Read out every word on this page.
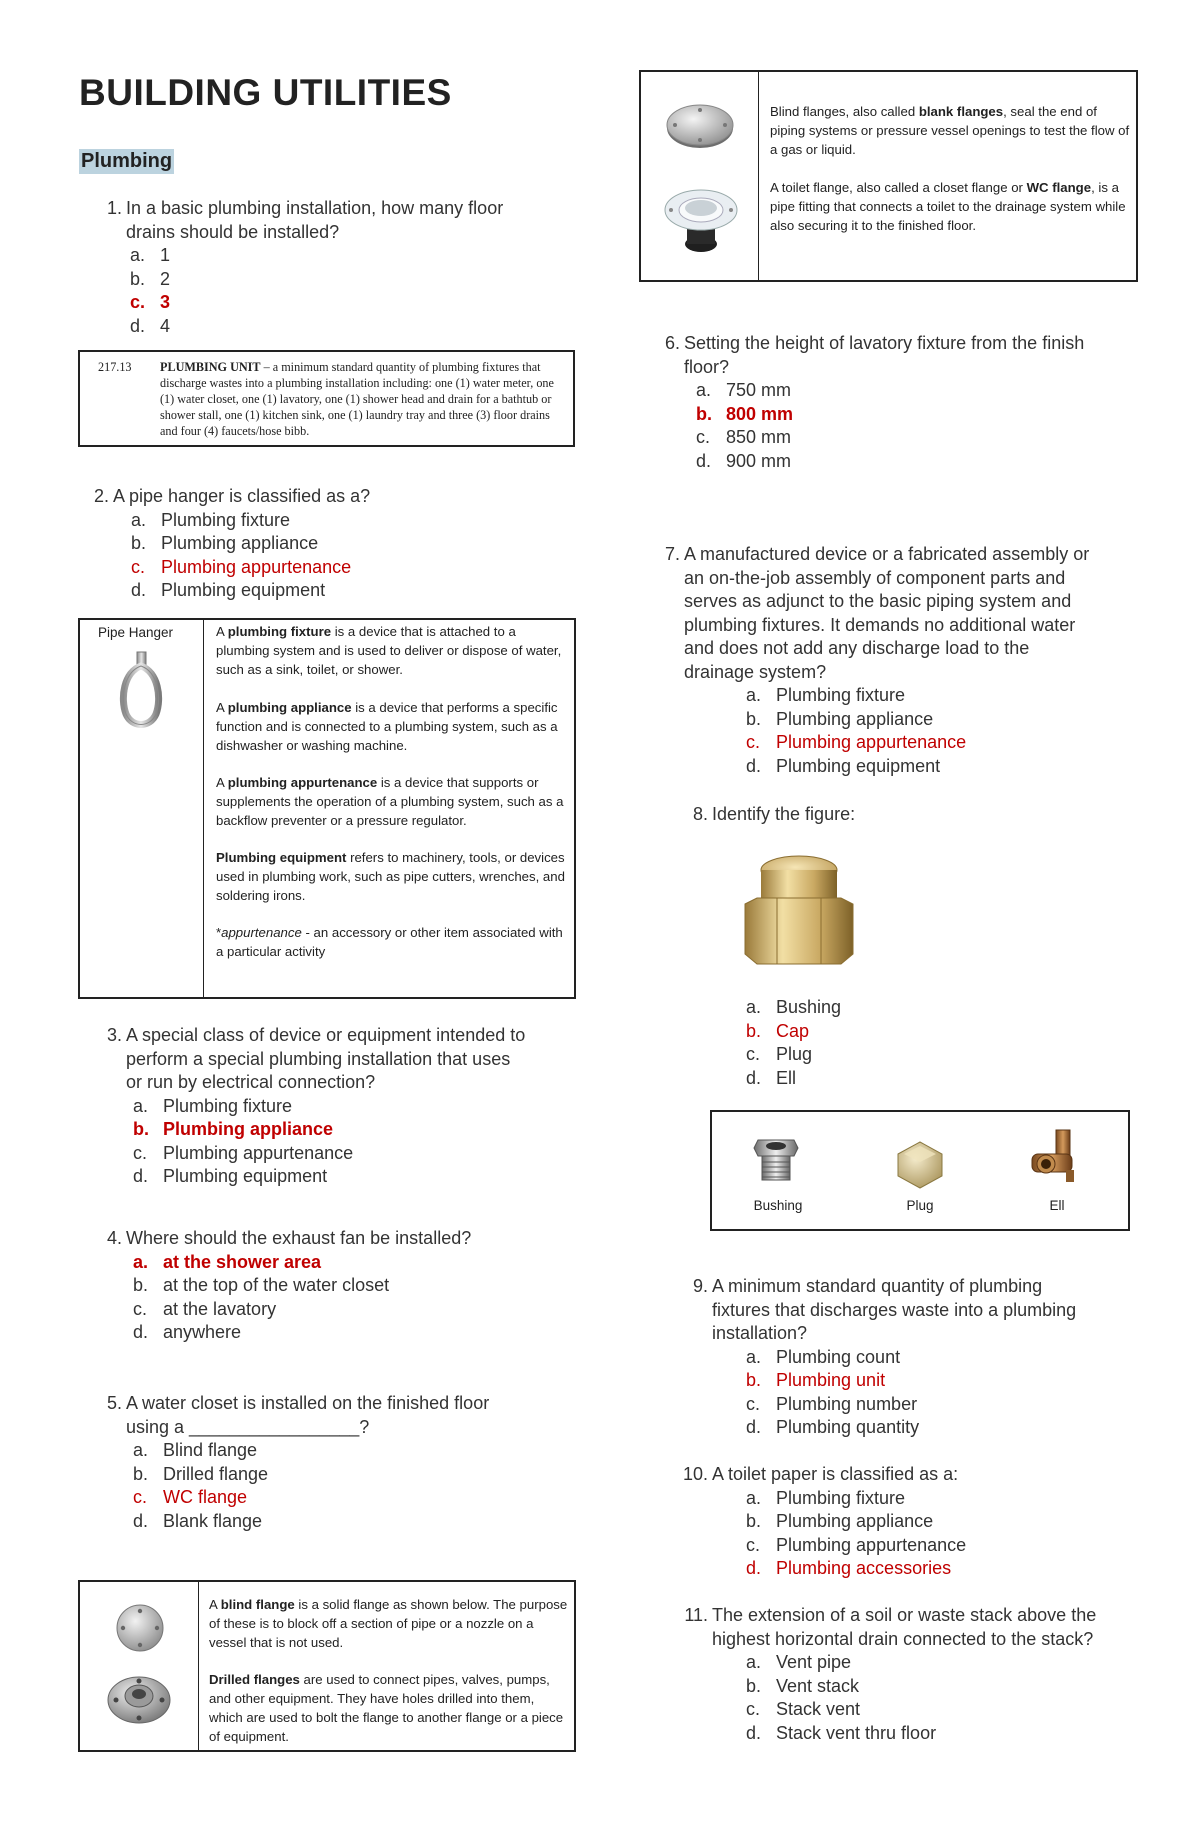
BUILDING UTILITIES
Plumbing
1. In a basic plumbing installation, how many floor
drains should be installed?
a. 1
b. 2
c. 3
d. 4
217.13 PLUMBING UNIT – a minimum standard quantity of plumbing fixtures that discharge wastes into a plumbing installation including: one (1) water meter, one (1) water closet, one (1) lavatory, one (1) shower head and drain for a bathtub or shower stall, one (1) kitchen sink, one (1) laundry tray and three (3) floor drains and four (4) faucets/hose bibb.
2. A pipe hanger is classified as a?
a. Plumbing fixture
b. Plumbing appliance
c. Plumbing appurtenance
d. Plumbing equipment
Pipe Hanger	A plumbing fixture is a device that is attached to a plumbing system and is used to deliver or dispose of water, such as a sink, toilet, or shower.

A plumbing appliance is a device that performs a specific function and is connected to a plumbing system, such as a dishwasher or washing machine.

A plumbing appurtenance is a device that supports or supplements the operation of a plumbing system, such as a backflow preventer or a pressure regulator.

Plumbing equipment refers to machinery, tools, or devices used in plumbing work, such as pipe cutters, wrenches, and soldering irons.

*appurtenance - an accessory or other item associated with a particular activity

3. A special class of device or equipment intended to
perform a special plumbing installation that uses
or run by electrical connection?
a. Plumbing fixture
b. Plumbing appliance
c. Plumbing appurtenance
d. Plumbing equipment
4. Where should the exhaust fan be installed?
a. at the shower area
b. at the top of the water closet
c. at the lavatory
d. anywhere
5. A water closet is installed on the finished floor
using a _________________?
a. Blind flange
b. Drilled flange
c. WC flange
d. Blank flange

A blind flange is a solid flange as shown below. The purpose of these is to block off a section of pipe or a nozzle on a vessel that is not used.

Drilled flanges are used to connect pipes, valves, pumps, and other equipment. They have holes drilled into them, which are used to bolt the flange to another flange or a piece of equipment.

Blind flanges, also called blank flanges, seal the end of piping systems or pressure vessel openings to test the flow of a gas or liquid.

A toilet flange, also called a closet flange or WC flange, is a pipe fitting that connects a toilet to the drainage system while also securing it to the finished floor.

6. Setting the height of lavatory fixture from the finish
floor?
a. 750 mm
b. 800 mm
c. 850 mm
d. 900 mm
7. A manufactured device or a fabricated assembly or
an on-the-job assembly of component parts and
serves as adjunct to the basic piping system and
plumbing fixtures. It demands no additional water
and does not add any discharge load to the
drainage system?
a. Plumbing fixture
b. Plumbing appliance
c. Plumbing appurtenance
d. Plumbing equipment
8. Identify the figure:
a. Bushing
b. Cap
c. Plug
d. Ell
Bushing	Plug	Ell
9. A minimum standard quantity of plumbing
fixtures that discharges waste into a plumbing
installation?
a. Plumbing count
b. Plumbing unit
c. Plumbing number
d. Plumbing quantity
10. A toilet paper is classified as a:
a. Plumbing fixture
b. Plumbing appliance
c. Plumbing appurtenance
d. Plumbing accessories
11. The extension of a soil or waste stack above the
highest horizontal drain connected to the stack?
a. Vent pipe
b. Vent stack
c. Stack vent
d. Stack vent thru floor
